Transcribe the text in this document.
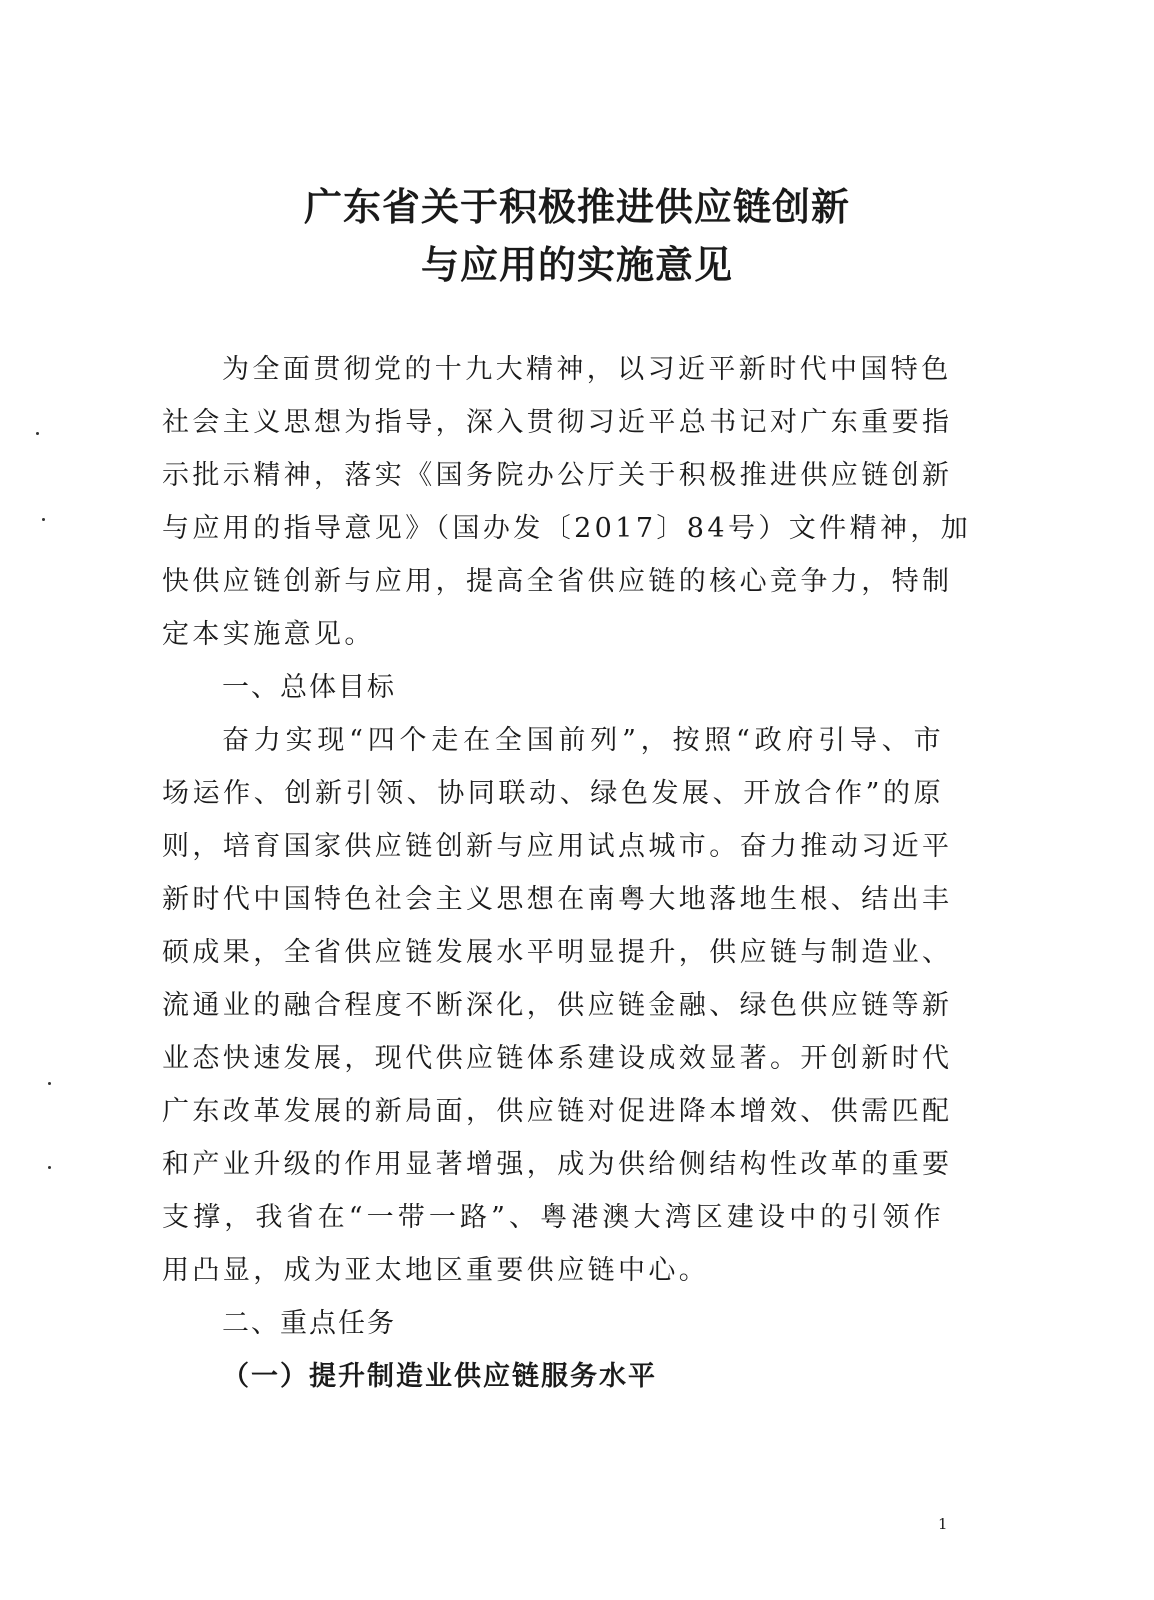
广东省关于积极推进供应链创新
与应用的实施意见
为全面贯彻党的十九大精神，以习近平新时代中国特色
社会主义思想为指导，深入贯彻习近平总书记对广东重要指
示批示精神，落实《国务院办公厅关于积极推进供应链创新
与应用的指导意见》（国办发〔2017〕84号）文件精神，加
快供应链创新与应用，提高全省供应链的核心竞争力，特制
定本实施意见。
一、总体目标
奋力实现“四个走在全国前列”，按照“政府引导、市
场运作、创新引领、协同联动、绿色发展、开放合作”的原
则，培育国家供应链创新与应用试点城市。奋力推动习近平
新时代中国特色社会主义思想在南粤大地落地生根、结出丰
硕成果，全省供应链发展水平明显提升，供应链与制造业、
流通业的融合程度不断深化，供应链金融、绿色供应链等新
业态快速发展，现代供应链体系建设成效显著。开创新时代
广东改革发展的新局面，供应链对促进降本增效、供需匹配
和产业升级的作用显著增强，成为供给侧结构性改革的重要
支撑，我省在“一带一路”、粤港澳大湾区建设中的引领作
用凸显，成为亚太地区重要供应链中心。
二、重点任务
（一）提升制造业供应链服务水平
1
